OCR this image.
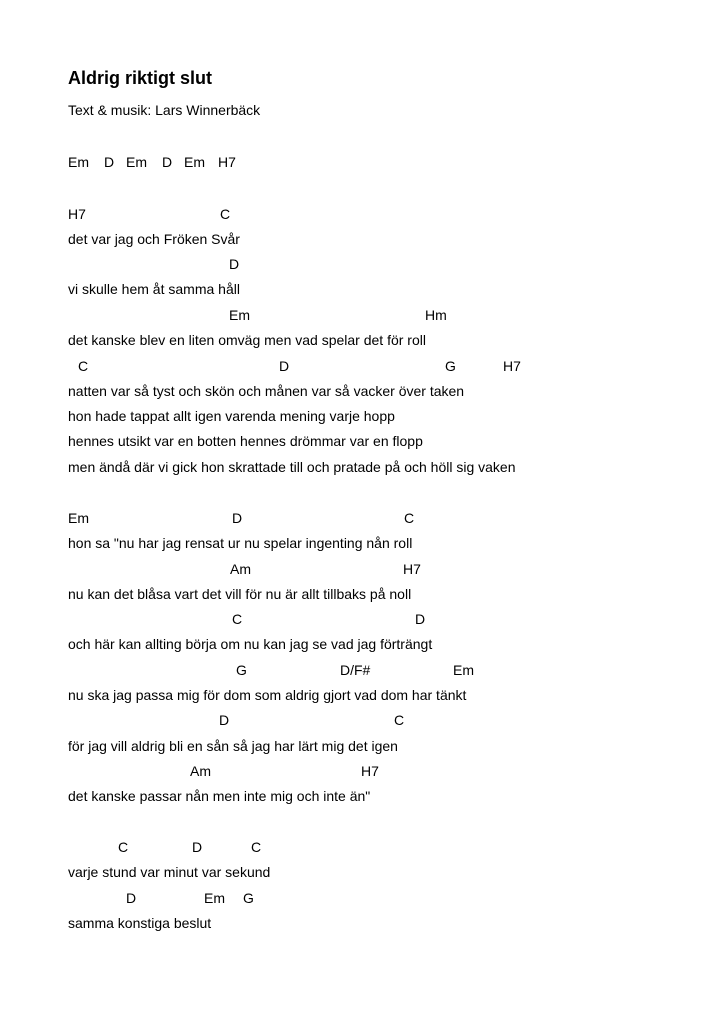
Aldrig riktigt slut
Text & musik: Lars Winnerbäck
Em D Em D Em H7
H7	C
det var jag och Fröken Svår
D
vi skulle hem åt samma håll
Em	Hm
det kanske blev en liten omväg men vad spelar det för roll
C	D	G	H7
natten var så tyst och skön och månen var så vacker över taken
hon hade tappat allt igen varenda mening varje hopp
hennes utsikt var en botten hennes drömmar var en flopp
men ändå där vi gick hon skrattade till och pratade på och höll sig vaken
Em	D	C
hon sa "nu har jag rensat ur nu spelar ingenting nån roll
Am	H7
nu kan det blåsa vart det vill för nu är allt tillbaks på noll
C	D
och här kan allting börja om nu kan jag se vad jag förträngt
G	D/F#	Em
nu ska jag passa mig för dom som aldrig gjort vad dom har tänkt
D	C
för jag vill aldrig bli en sån så jag har lärt mig det igen
Am	H7
det kanske passar nån men inte mig och inte än"
C	D	C
varje stund var minut var sekund
D	Em G
samma konstiga beslut
